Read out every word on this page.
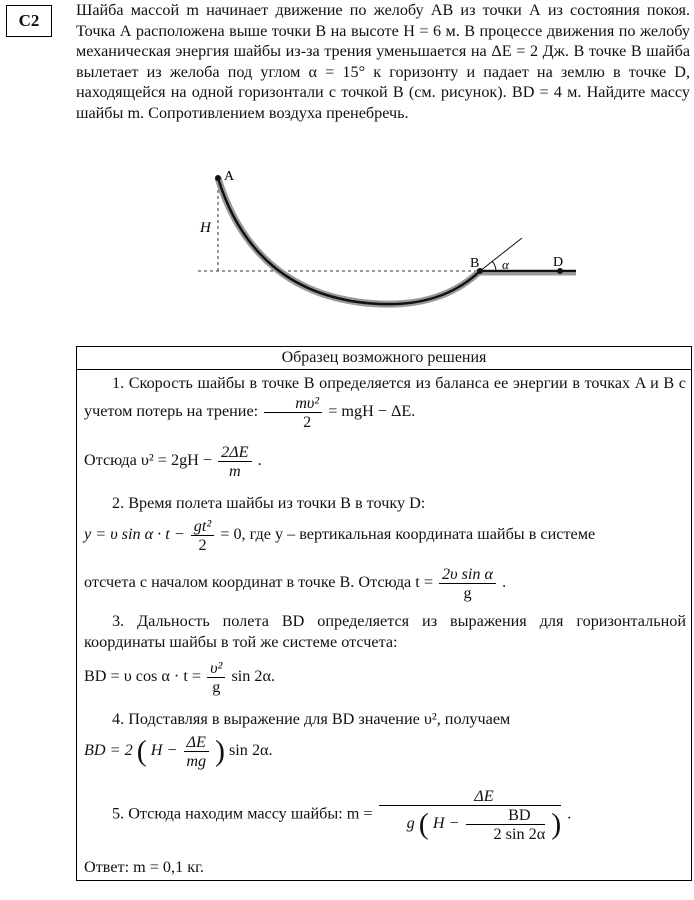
С2

Шайба массой m начинает движение по желобу АВ из точки А из состояния покоя. Точка А расположена выше точки В на высоте H = 6 м. В процессе движения по желобу механическая энергия шайбы из-за трения уменьшается на ΔE = 2 Дж. В точке В шайба вылетает из желоба под углом α = 15° к горизонту и падает на землю в точке D, находящейся на одной горизонтали с точкой В (см. рисунок). BD = 4 м. Найдите массу шайбы m. Сопротивлением воздуха пренебречь.

A
H
B α	D
Образец возможного решения
1. Скорость шайбы в точке B определяется из баланса ее энергии в точках A и B с учетом потерь на трение: $\frac{\text{mυ²}}{2}$ = mgH − ΔE.
Отсюда $\upsilon^2 = 2gH - \frac{2\Delta E}{m}$ .
2. Время полета шайбы из точки B в точку D:
y = υ $\sin \alpha \cdot t - \frac{\text{gt²}}{2} = 0$, где y – вертикальная координата шайбы в системе
отсчета с началом координат в точке B. Отсюда $t = \frac{\text{2υ sin α}}{g}$ .
3. Дальность полета BD определяется из выражения для горизонтальной координаты шайбы в той же системе отсчета:
BD = υ $\cos \alpha \cdot t = \frac{\text{υ²}}{g}$ sin 2α.
4. Подставляя в выражение для BD значение υ², получаем
BD = 2 ( $H - \frac{\Delta E}{mg}$ ) sin 2α.
5. Отсюда находим массу шайбы: m =
ΔE
g ( $H - \frac{BD}{2 \sin 2\alpha}$ ) .
Ответ: m = 0,1 кг.
